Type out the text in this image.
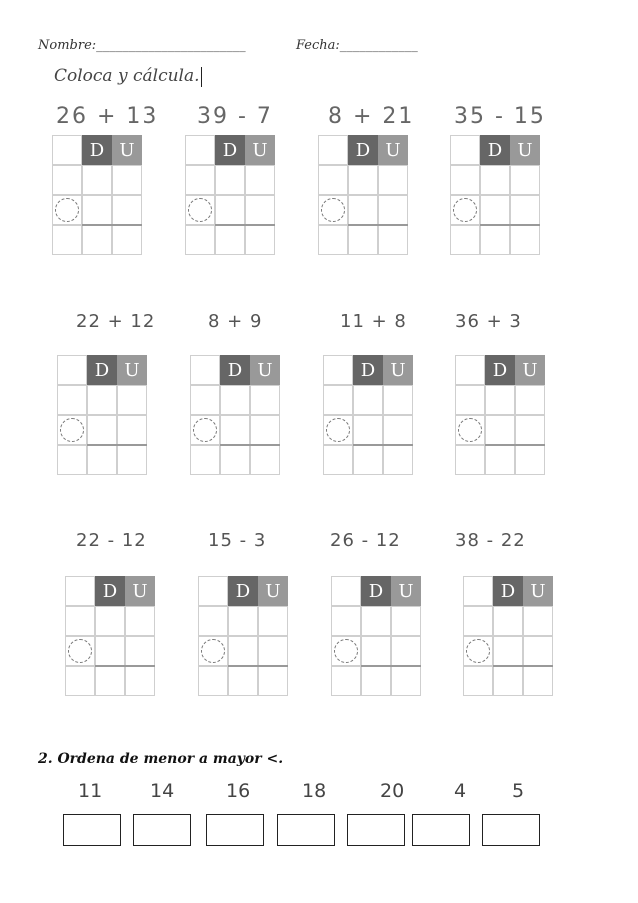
Nombre:_______________________	Fecha:____________
Coloca y cálcula.
26 + 13 39 - 7	8 + 21 35 - 15
D U	D U	D U	D U
22 + 12	8 + 9	11 + 8	36 + 3
D U	D U	D U	D U
22 - 12	15 - 3	26 - 12	38 - 22
D U	D U	D U	D U
2. Ordena de menor a mayor <.
11	14	16	18	20	4 5
